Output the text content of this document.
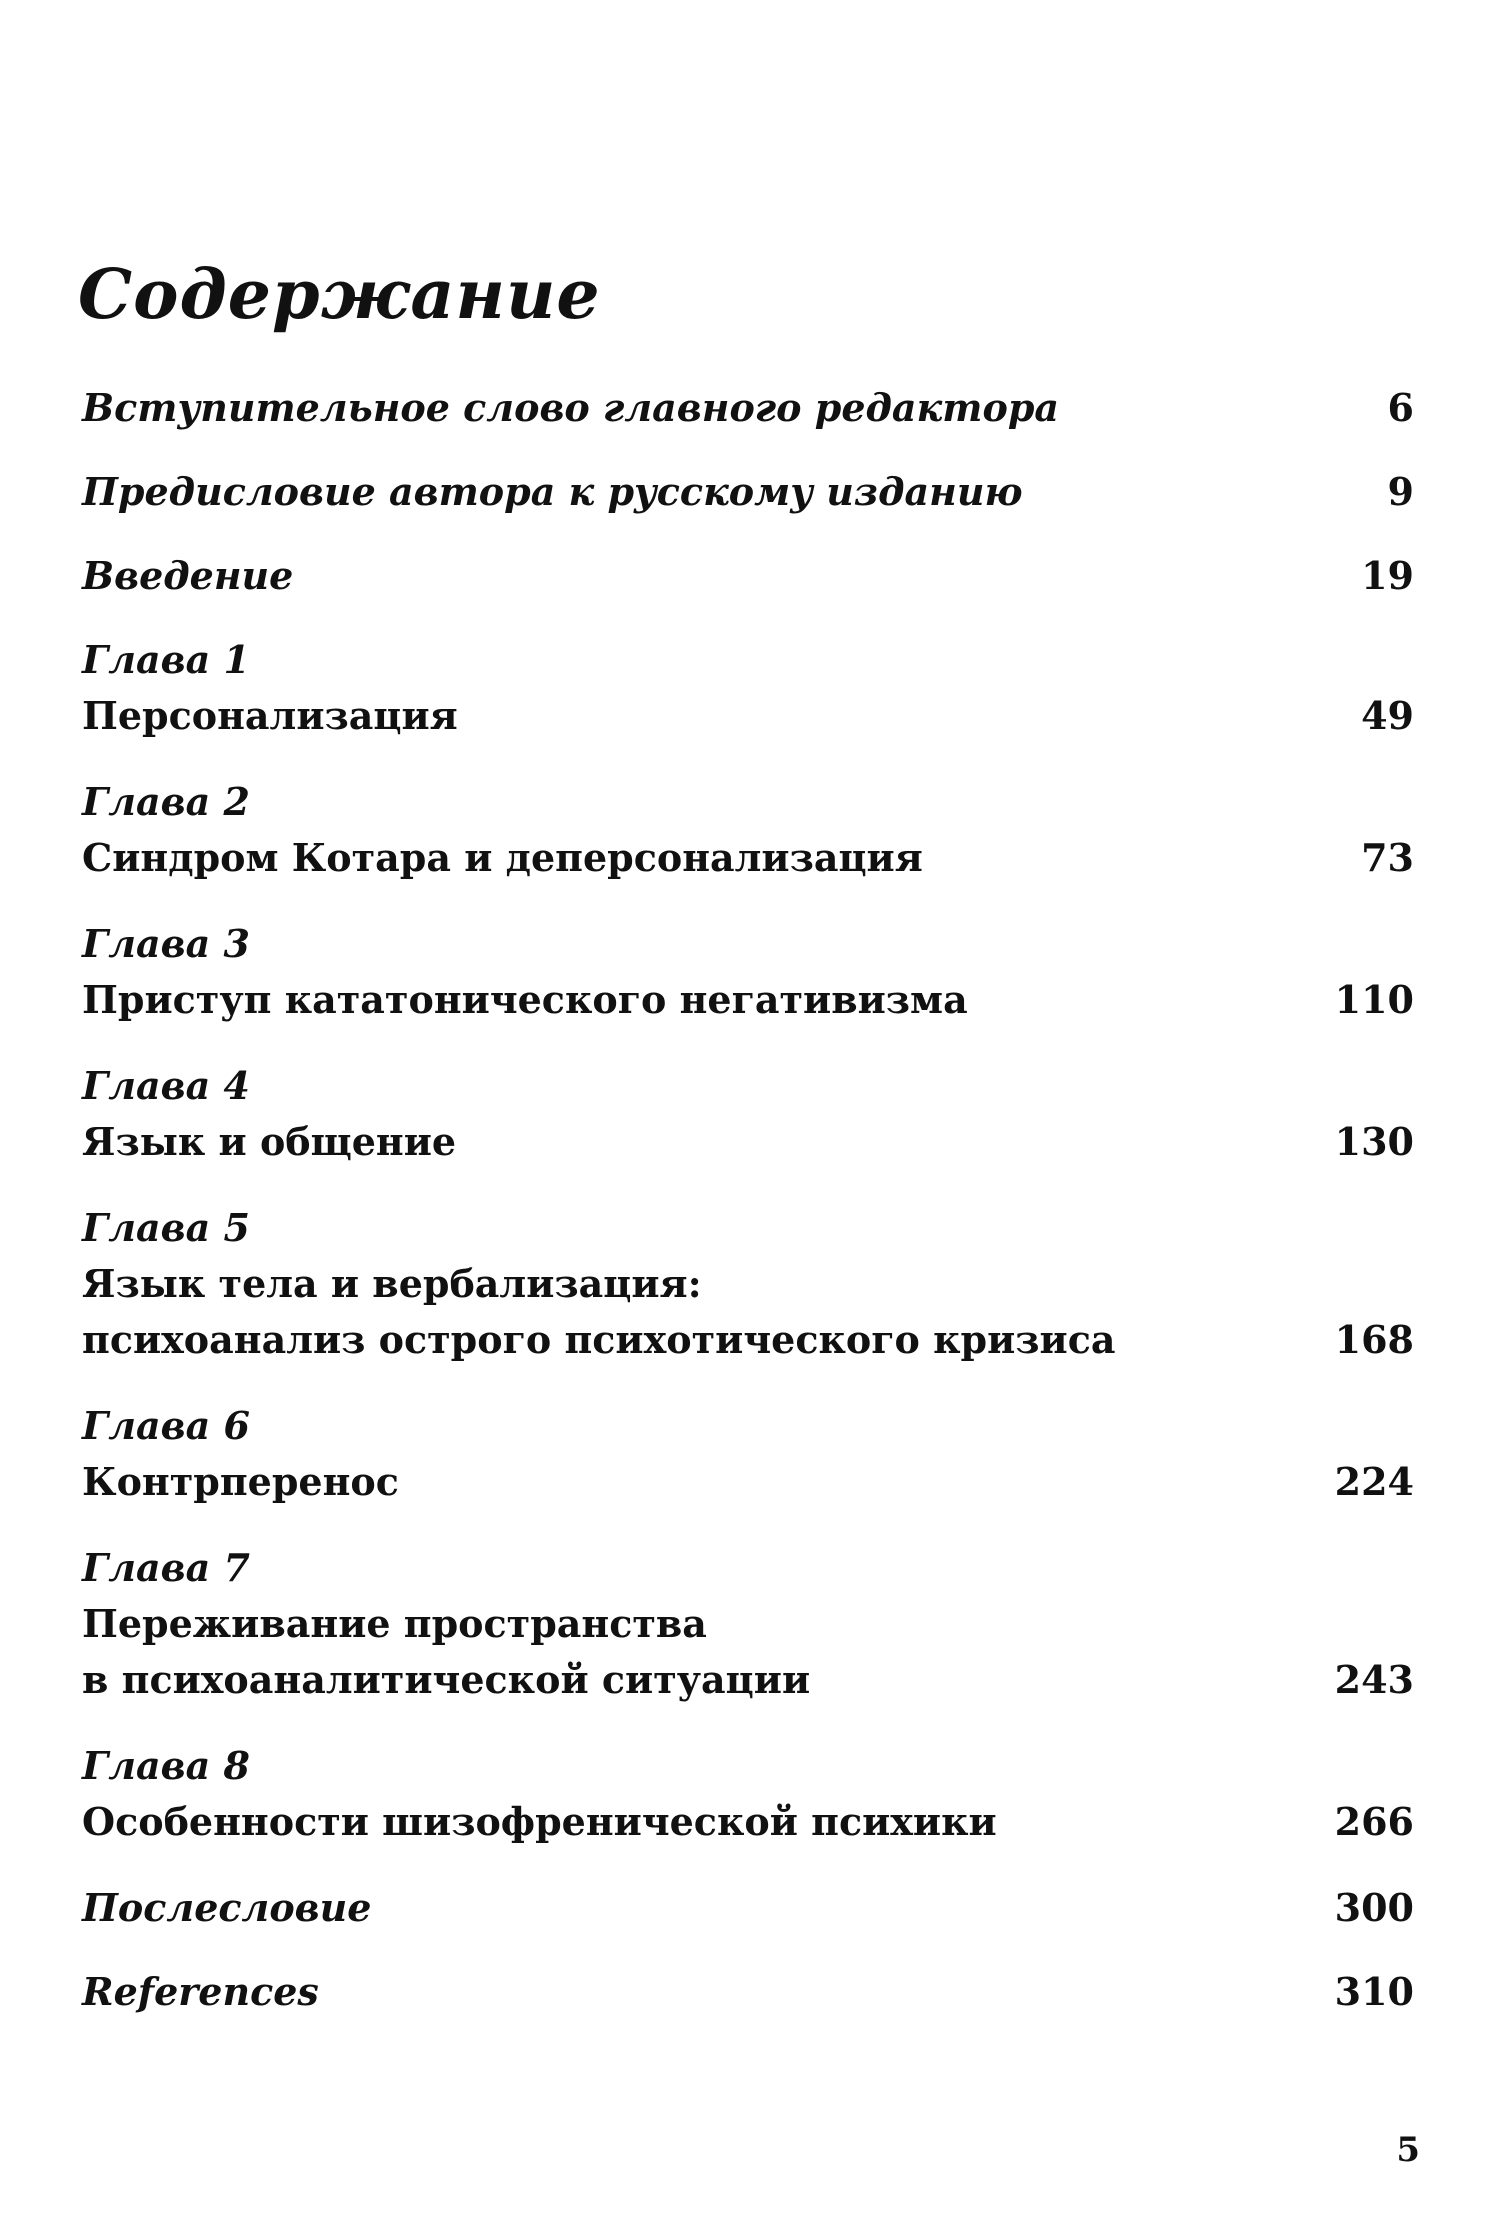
Содержание
Вступительное слово главного редактора	6
Предисловие автора к русскому изданию	9
Введение	19
Глава 1
Персонализация	49
Глава 2
Синдром Котара и деперсонализация	73
Глава 3
Приступ кататонического негативизма	110
Глава 4
Язык и общение	130
Глава 5
Язык тела и вербализация:
психоанализ острого психотического кризиса	168
Глава 6
Контрперенос	224
Глава 7
Переживание пространства
в психоаналитической ситуации	243
Глава 8
Особенности шизофренической психики	266
Послесловие	300
References	310
5
